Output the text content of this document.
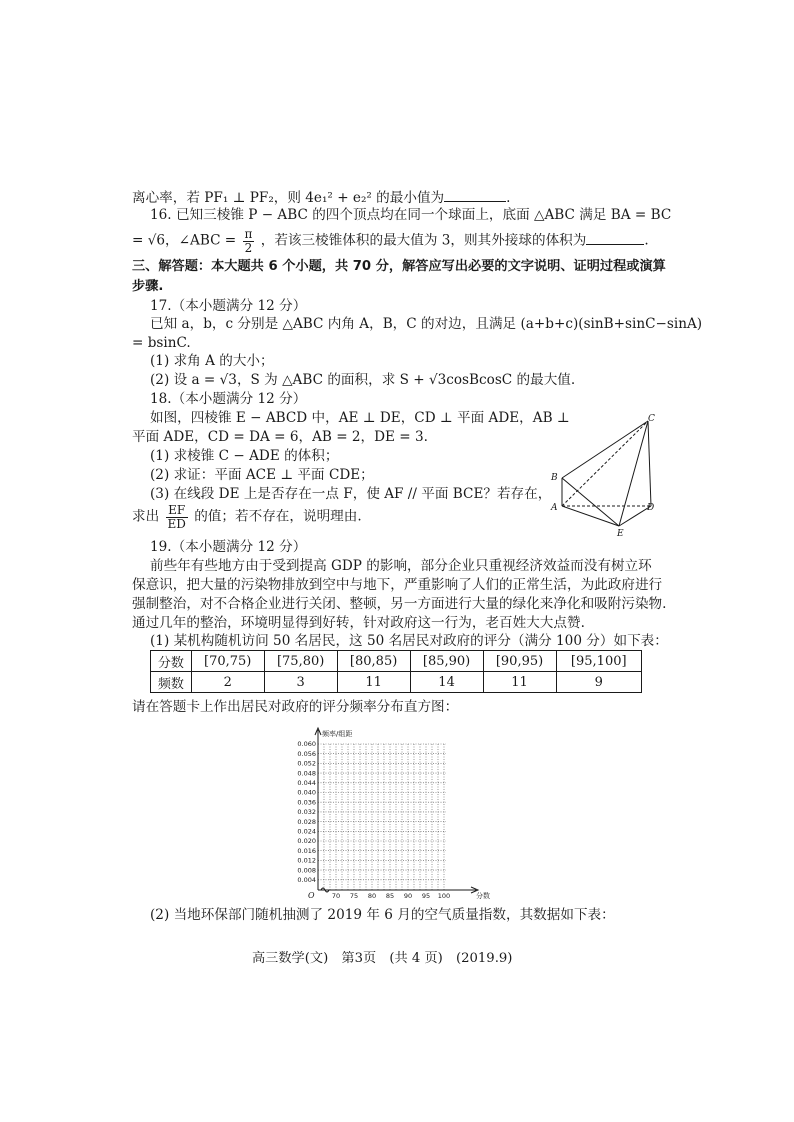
离心率，若 PF₁ ⊥ PF₂，则 4e₁² + e₂² 的最小值为	.
16. 已知三棱锥 P − ABC 的四个顶点均在同一个球面上，底面 △ABC 满足 BA = BC
= √6，∠ABC = $\frac{\pi}{2}$ ，若该三棱锥体积的最大值为 3，则其外接球的体积为	.
三、解答题：本大题共 6 个小题，共 70 分，解答应写出必要的文字说明、证明过程或演算
步骤.
17.（本小题满分 12 分）
已知 a，b，c 分别是 △ABC 内角 A，B，C 的对边，且满足 (a+b+c)(sinB+sinC−sinA)
= bsinC.
(1) 求角 A 的大小；
(2) 设 a = √3，S 为 △ABC 的面积，求 S + √3cosBcosC 的最大值.
18.（本小题满分 12 分）
如图，四棱锥 E − ABCD 中，AE ⊥ DE，CD ⊥ 平面 ADE，AB ⊥
平面 ADE，CD = DA = 6，AB = 2，DE = 3.
(1) 求棱锥 C − ADE 的体积；
(2) 求证：平面 ACE ⊥ 平面 CDE；
(3) 在线段 DE 上是否存在一点 F，使 AF // 平面 BCE？若存在，
求出 $\frac{EF}{ED}$ 的值；若不存在，说明理由.
A
B
C
D
E
19.（本小题满分 12 分）
前些年有些地方由于受到提高 GDP 的影响，部分企业只重视经济效益而没有树立环
保意识，把大量的污染物排放到空中与地下，严重影响了人们的正常生活，为此政府进行
强制整治，对不合格企业进行关闭、整顿，另一方面进行大量的绿化来净化和吸附污染物.
通过几年的整治，环境明显得到好转，针对政府这一行为，老百姓大大点赞.
(1) 某机构随机访问 50 名居民，这 50 名居民对政府的评分（满分 100 分）如下表：
分数	[70,75)	[75,80)	[80,85)	[85,90)	[90,95)	[95,100]
频数	2	3	11	14	11	9
请在答题卡上作出居民对政府的评分频率分布直方图：
0.060
0.056
0.052
0.048
0.044
0.040
0.036
0.032
0.028
0.024
0.020
0.016
0.012
0.008
0.004
70 75 80 85 90 95 100
频率/组距
分数
O
(2) 当地环保部门随机抽测了 2019 年 6 月的空气质量指数，其数据如下表：
高三数学(文)　第3页　(共 4 页)　(2019.9)
